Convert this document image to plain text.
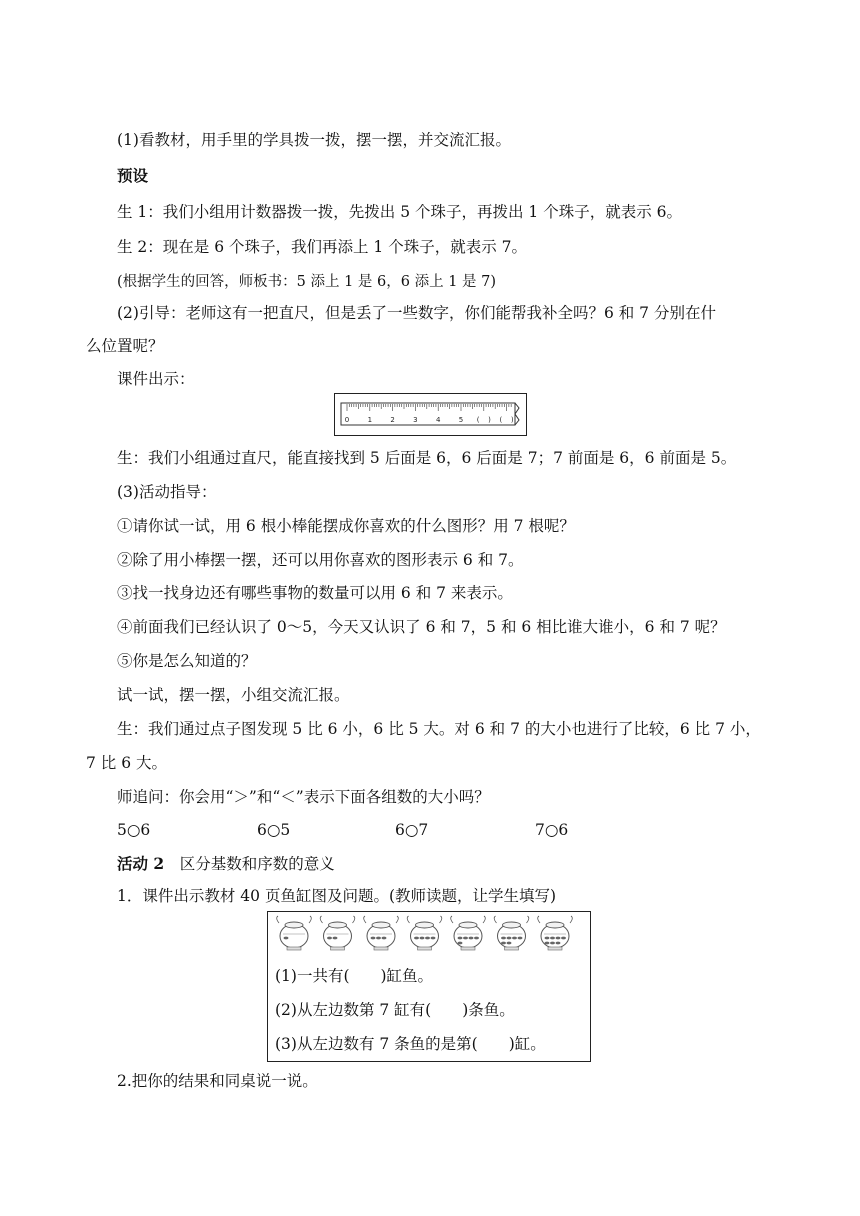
(1)看教材，用手里的学具拨一拨，摆一摆，并交流汇报。
预设
生 1：我们小组用计数器拨一拨，先拨出 5 个珠子，再拨出 1 个珠子，就表示 6。
生 2：现在是 6 个珠子，我们再添上 1 个珠子，就表示 7。
(根据学生的回答，师板书：5 添上 1 是 6，6 添上 1 是 7)
(2)引导：老师这有一把直尺，但是丢了一些数字，你们能帮我补全吗？6 和 7 分别在什
么位置呢？
课件出示：
0	1	2	3	4	5 ( ) ( )
生：我们小组通过直尺，能直接找到 5 后面是 6，6 后面是 7；7 前面是 6，6 前面是 5。
(3)活动指导：
①请你试一试，用 6 根小棒能摆成你喜欢的什么图形？用 7 根呢？
②除了用小棒摆一摆，还可以用你喜欢的图形表示 6 和 7。
③找一找身边还有哪些事物的数量可以用 6 和 7 来表示。
④前面我们已经认识了 0～5，今天又认识了 6 和 7，5 和 6 相比谁大谁小，6 和 7 呢？
⑤你是怎么知道的？
试一试，摆一摆，小组交流汇报。
生：我们通过点子图发现 5 比 6 小，6 比 5 大。对 6 和 7 的大小也进行了比较，6 比 7 小，
7 比 6 大。
师追问：你会用“＞”和“＜”表示下面各组数的大小吗？
5○6	6○5	6○7	7○6
活动 2　 区分基数和序数的意义
1．课件出示教材 40 页鱼缸图及问题。(教师读题，让学生填写)
(1)一共有(　　)缸鱼。
(2)从左边数第 7 缸有(　　)条鱼。
(3)从左边数有 7 条鱼的是第(　　)缸。
2.把你的结果和同桌说一说。
